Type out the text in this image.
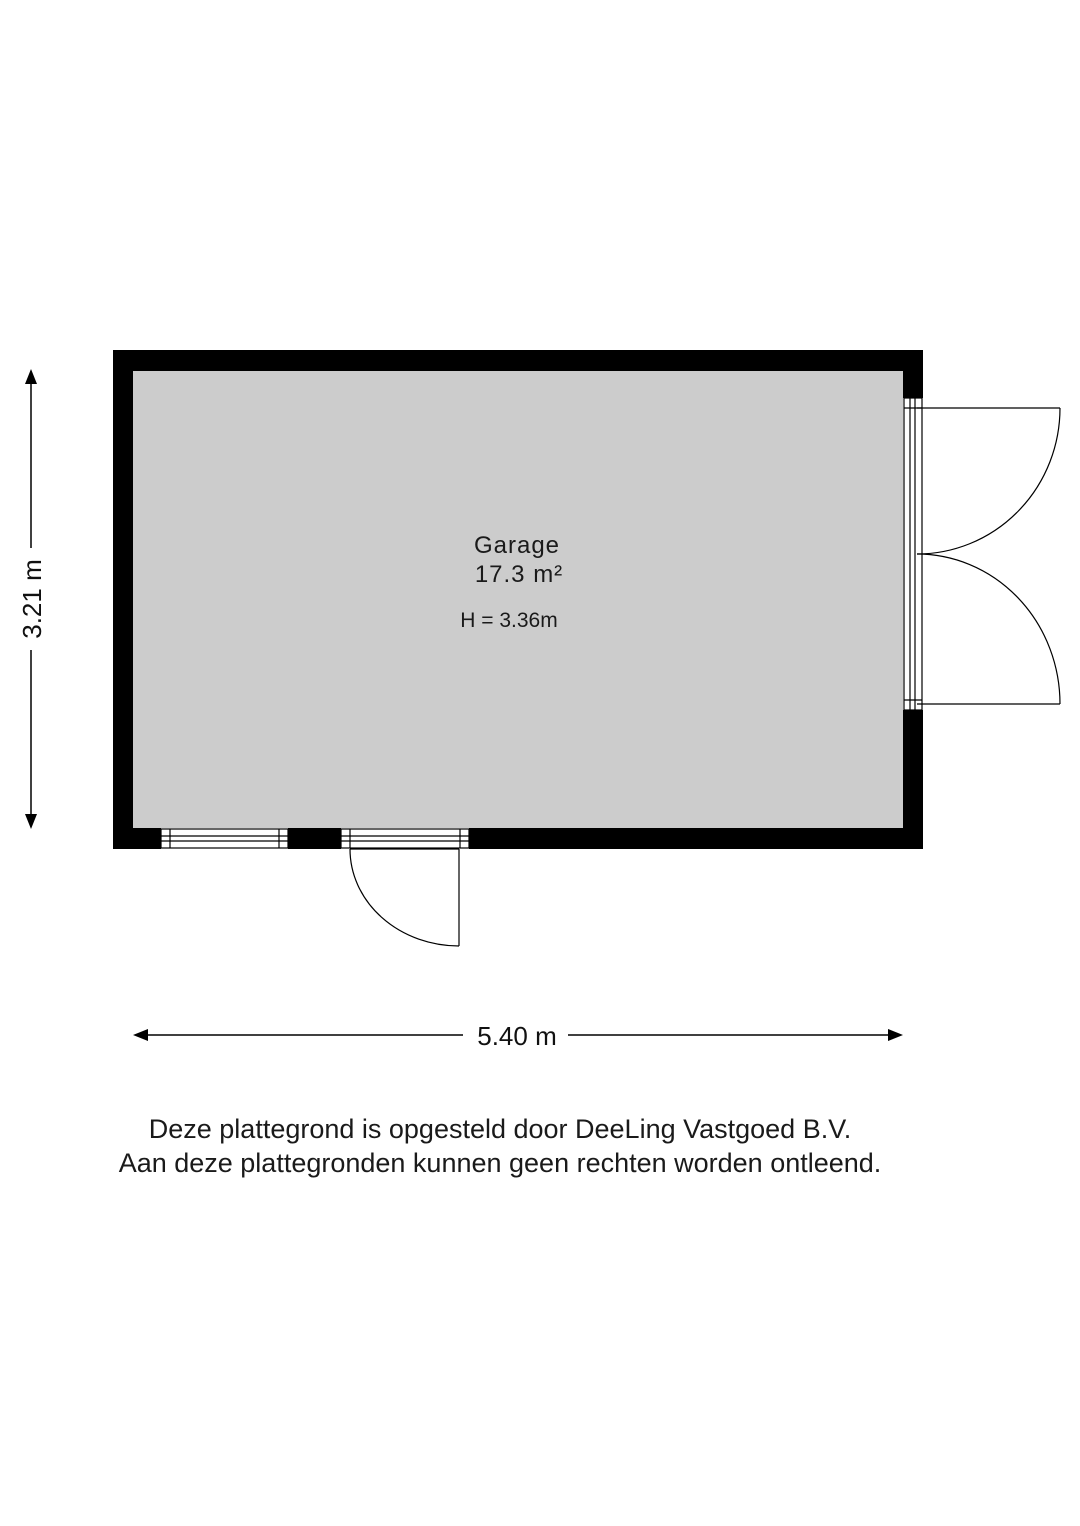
3.21 m
5.40 m
Garage
17.3 m²
H = 3.36m
Deze plattegrond is opgesteld door DeeLing Vastgoed B.V.
Aan deze plattegronden kunnen geen rechten worden ontleend.
